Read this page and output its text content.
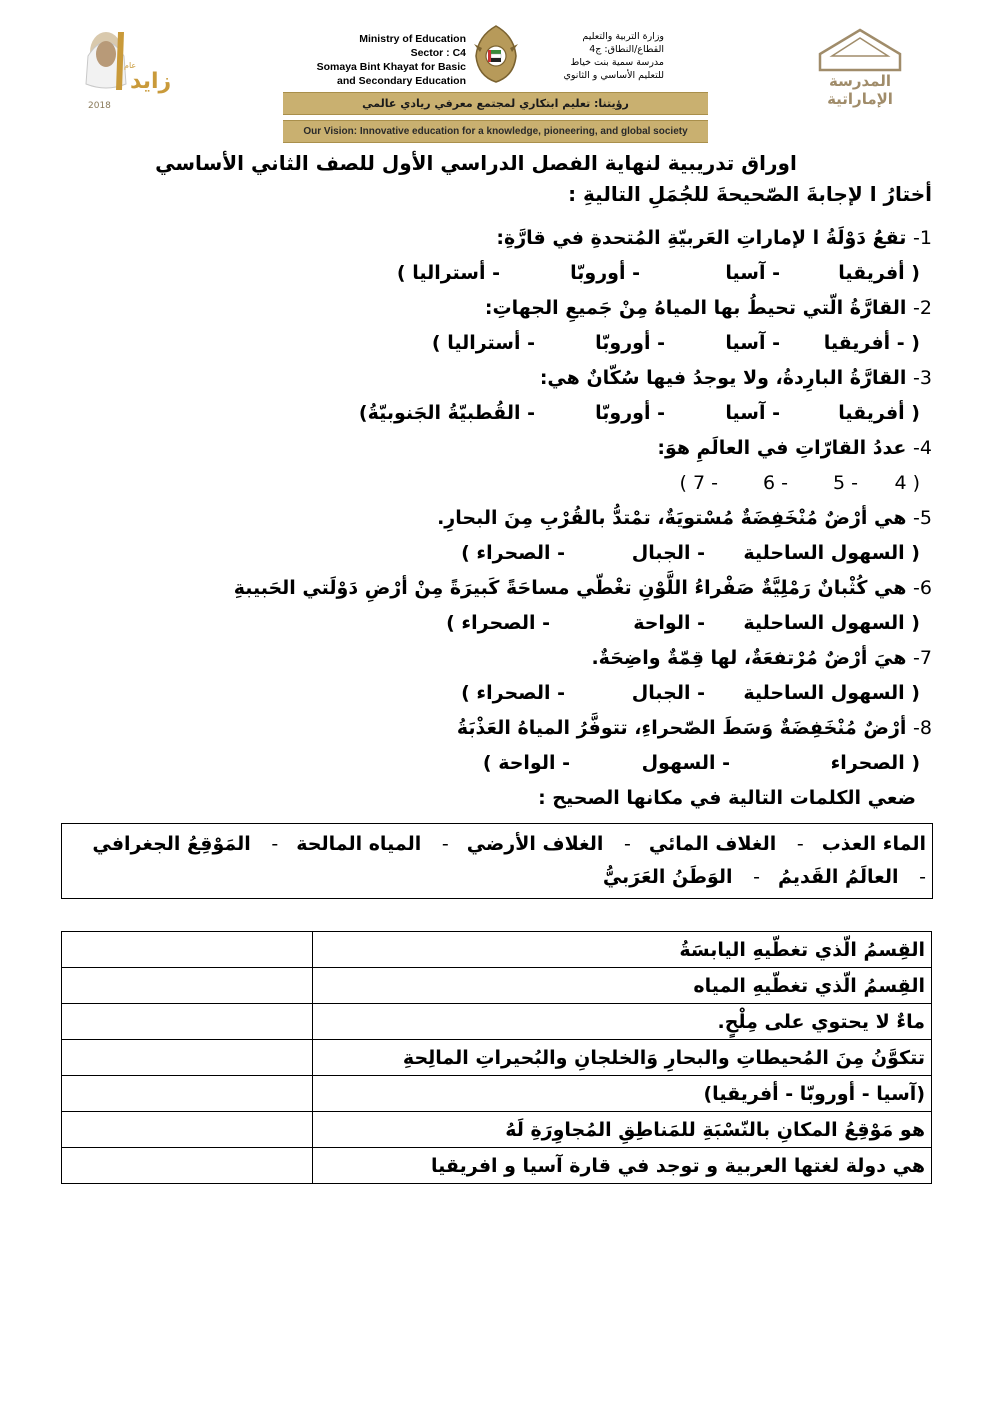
زايد
عام
2018
Ministry of Education
Sector : C4
Somaya Bint Khayat for Basic
and Secondary Education
وزارة التربية والتعليم
القطاع/النطاق: ج4
مدرسة سمية بنت خياط
للتعليم الأساسي و الثانوي	المدرسة
الإماراتية
رؤيتنا: تعليم ابتكاري لمجتمع معرفي ريادي عالمي
Our Vision: Innovative education for a knowledge, pioneering, and global society
اوراق تدريبية لنهاية الفصل الدراسي الأول للصف الثاني الأساسي
أختارُ ا لإجابةَ الصّحيحةَ للجُمَلِ التاليةِ :
1- تقعُ دَوْلَةُ ا لإماراتِ العَربيّةِ المُتحدةِ في قارَّةِ:
( أفريقيا
- آسيا
- أوروبّا
- أستراليا )
2- القارَّةُ الّتي تحيطُ بها المياهُ مِنْ جَميعِ الجهاتِ:
( - أفريقيا
- آسيا
- أوروبّا
- أستراليا )
3- القارَّةُ البارِدةُ، ولا يوجدُ فيها سُكّانٌ هي:
( أفريقيا
- آسيا
- أوروبّا
- القُطبيّةُ الجَنوبيّةُ)
4- عددُ القارّاتِ في العالَمِ هوَ:
( 4
- 5
- 6
- 7 )
5- هي أرْضٌ مُنْخَفِضَةٌ مُسْتويَةٌ، تمْتدُّ بالقُرْبِ مِنَ البحارِ.
( السهول الساحلية
- الجبال
- الصحراء )
6- هي كُثْبانٌ رَمْلِيَّةٌ صَفْراءُ اللَّوْنِ تغْطّي مساحَةً كَبيرَةً مِنْ أرْضِ دَوْلَتي الحَبيبةِ
( السهول الساحلية
- الواحة
- الصحراء )
7- هيَ أرْضٌ مُرْتفعَةٌ، لها قِمّةٌ واضِحَةٌ.
( السهول الساحلية
- الجبال
- الصحراء )
8- أرْضٌ مُنْخَفِضَةٌ وَسَطَ الصّحراءِ، تتوفَّرُ المياهُ العَذْبَةُ
( الصحراء
- السهول
- الواحة )
ضعي الكلمات التالية في مكانها الصحيح :
الماء العذب- الغلاف المائي- الغلاف الأرضي- المياه المالحة- المَوْقِعُ الجغرافي
- العالَمُ القَديمُ- الوَطَنُ العَرَبيُّ
القِسمُ الّذي تغطّيهِ اليابسَةُ	
القِسمُ الّذي تغطّيهِ المياه	
ماءٌ لا يحتوي على مِلْحٍ.	
تتكوَّنُ مِنَ المُحيطاتِ والبحارِ وَالخلجانِ والبُحيراتِ المالِحةِ	
(آسيا - أوروبّا - أفريقيا)	
هو مَوْقِعُ المكانِ بالنّسْبَةِ للمَناطِقِ المُجاوِرَةِ لَهُ	
هي دولة لغتها العربية و توجد في قارة آسيا و افريقيا	
